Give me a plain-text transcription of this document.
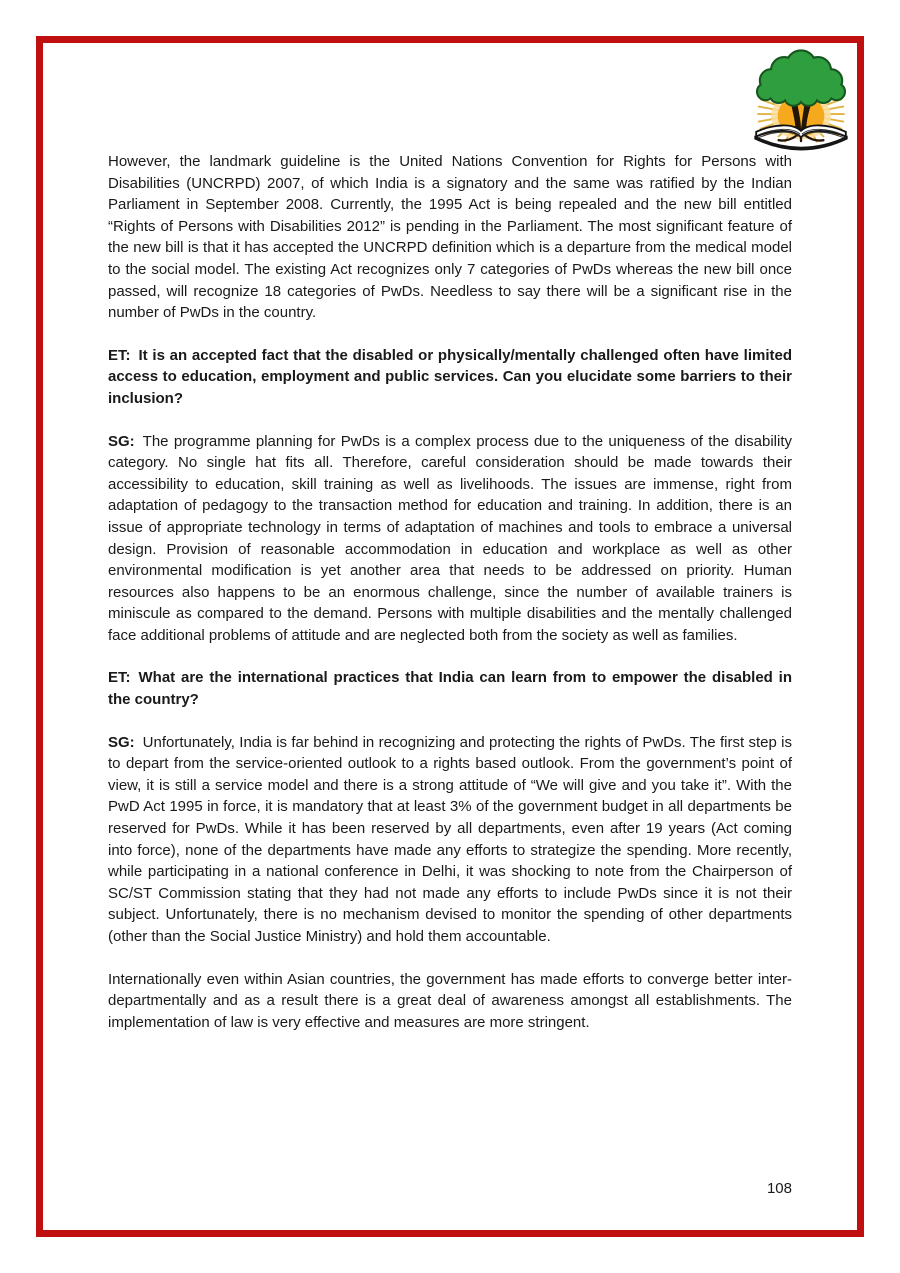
However, the landmark guideline is the United Nations Convention for Rights for Persons with Disabilities (UNCRPD) 2007, of which India is a signatory and the same was ratified by the Indian Parliament in September 2008. Currently, the 1995 Act is being repealed and the new bill entitled “Rights of Persons with Disabilities 2012” is pending in the Parliament. The most significant feature of the new bill is that it has accepted the UNCRPD definition which is a departure from the medical model to the social model. The existing Act recognizes only 7 categories of PwDs whereas the new bill once passed, will recognize 18 categories of PwDs. Needless to say there will be a significant rise in the number of PwDs in the country.

ET: It is an accepted fact that the disabled or physically/mentally challenged often have limited access to education, employment and public services. Can you elucidate some barriers to their inclusion?

SG: The programme planning for PwDs is a complex process due to the uniqueness of the disability category. No single hat fits all. Therefore, careful consideration should be made towards their accessibility to education, skill training as well as livelihoods. The issues are immense, right from adaptation of pedagogy to the transaction method for education and training. In addition, there is an issue of appropriate technology in terms of adaptation of machines and tools to embrace a universal design. Provision of reasonable accommodation in education and workplace as well as other environmental modification is yet another area that needs to be addressed on priority. Human resources also happens to be an enormous challenge, since the number of available trainers is miniscule as compared to the demand. Persons with multiple disabilities and the mentally challenged face additional problems of attitude and are neglected both from the society as well as families.

ET: What are the international practices that India can learn from to empower the disabled in the country?

SG: Unfortunately, India is far behind in recognizing and protecting the rights of PwDs. The first step is to depart from the service-oriented outlook to a rights based outlook. From the government’s point of view, it is still a service model and there is a strong attitude of “We will give and you take it”. With the PwD Act 1995 in force, it is mandatory that at least 3% of the government budget in all departments be reserved for PwDs. While it has been reserved by all departments, even after 19 years (Act coming into force), none of the departments have made any efforts to strategize the spending. More recently, while participating in a national conference in Delhi, it was shocking to note from the Chairperson of SC/ST Commission stating that they had not made any efforts to include PwDs since it is not their subject. Unfortunately, there is no mechanism devised to monitor the spending of other departments (other than the Social Justice Ministry) and hold them accountable.

Internationally even within Asian countries, the government has made efforts to converge better inter-departmentally and as a result there is a great deal of awareness amongst all establishments. The implementation of law is very effective and measures are more stringent.

108
